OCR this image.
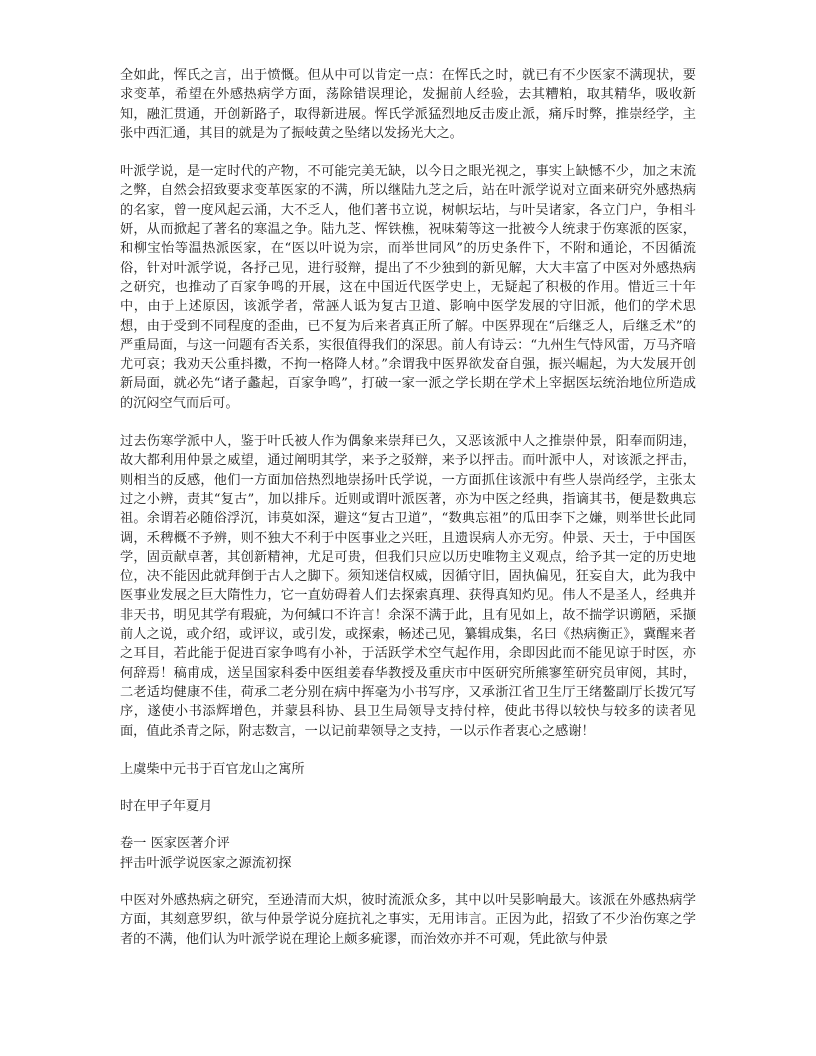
全如此，恽氏之言，出于愤慨。但从中可以肯定一点：在恽氏之时，就已有不少医家不满现状，要求变革，希望在外感热病学方面，荡除错误理论，发掘前人经验，去其糟粕，取其精华，吸收新知，融汇贯通，开创新路子，取得新进展。恽氏学派猛烈地反击废止派，痛斥时弊，推崇经学，主张中西汇通，其目的就是为了振岐黄之坠绪以发扬光大之。

叶派学说，是一定时代的产物，不可能完美无缺，以今日之眼光视之，事实上缺憾不少，加之末流之弊，自然会招致要求变革医家的不满，所以继陆九芝之后，站在叶派学说对立面来研究外感热病的名家，曾一度风起云涌，大不乏人，他们著书立说，树帜坛坫，与叶吴诸家，各立门户，争相斗妍，从而掀起了著名的寒温之争。陆九芝、恽铁樵，祝味菊等这一批被今人统隶于伤寒派的医家，和柳宝怡等温热派医家，在“医以叶说为宗，而举世同风”的历史条件下，不附和通论，不因循流俗，针对叶派学说，各抒己见，进行驳辩，提出了不少独到的新见解，大大丰富了中医对外感热病之研究，也推动了百家争鸣的开展，这在中国近代医学史上，无疑起了积极的作用。惜近三十年中，由于上述原因，该派学者，常誣人诋为复古卫道、影响中医学发展的守旧派，他们的学术思想，由于受到不同程度的歪曲，已不复为后来者真正所了解。中医界现在“后继乏人，后继乏术”的严重局面，与这一问题有否关系，实很值得我们的深思。前人有诗云：“九州生气恃风雷，万马齐喑尤可哀；我劝天公重抖擞，不拘一格降人材。”余谓我中医界欲发奋自强，振兴崛起，为大发展开创新局面，就必先“诸子蠡起，百家争鸣”，打破一家一派之学长期在学术上宰据医坛统治地位所造成的沉闷空气而后可。

过去伤寒学派中人，鉴于叶氏被人作为偶象来崇拜已久，又恶该派中人之推崇仲景，阳奉而阴违，故大都利用仲景之威望，通过阐明其学，来予之驳辩，来予以抨击。而叶派中人，对该派之抨击，则相当的反感，他们一方面加倍热烈地崇扬叶氏学说，一方面抓住该派中有些人崇尚经学，主张太过之小辨，责其“复古”，加以排斥。近则或谓叶派医著，亦为中医之经典，指谪其书，便是数典忘祖。余谓若必随俗浮沉，讳莫如深，避这“复古卫道”，“数典忘祖”的瓜田李下之嫌，则举世长此同调，禾稗概不予辨，则不独大不利于中医事业之兴旺，且遗误病人亦无穷。仲景、天士，于中国医学，固贡献卓著，其创新精神，尤足可贵，但我们只应以历史唯物主义观点，给予其一定的历史地位，决不能因此就拜倒于古人之脚下。须知迷信权威，因循守旧，固执偏见，狂妄自大，此为我中医事业发展之巨大隋性力，它一直妨碍着人们去探索真理、获得真知灼见。伟人不是圣人，经典并非天书，明见其学有瑕疵，为何缄口不许言！余深不满于此，且有见如上，故不揣学识谫陋，采撷前人之说，或介绍，或评议，或引发，或探索，畅述己见，纂辑成集，名曰《热病衡正》，冀醒来者之耳目，若此能于促进百家争鸣有小补，于活跃学术空气起作用，余即因此而不能见谅于时医，亦何辞焉！稿甫成，送呈国家科委中医组姜春华教授及重庆市中医研究所熊寥笙研究员审阅，其时，二老适均健康不佳，荷承二老分别在病中挥毫为小书写序，又承浙江省卫生厅王绪鳌副厅长拨冗写序，遂使小书添辉增色，并蒙县科协、县卫生局领导支持付梓，使此书得以较快与较多的读者见面，值此杀青之际，附志数言，一以记前辈领导之支持，一以示作者衷心之感谢！

上虞柴中元书于百官龙山之寓所

时在甲子年夏月

卷一 医家医著介评
抨击叶派学说医家之源流初探

中医对外感热病之研究，至逊清而大炽，彼时流派众多，其中以叶吴影响最大。该派在外感热病学方面，其刻意罗织，欲与仲景学说分庭抗礼之事实，无用讳言。正因为此，招致了不少治伤寒之学者的不满，他们认为叶派学说在理论上颇多疵谬，而治效亦并不可观，凭此欲与仲景
